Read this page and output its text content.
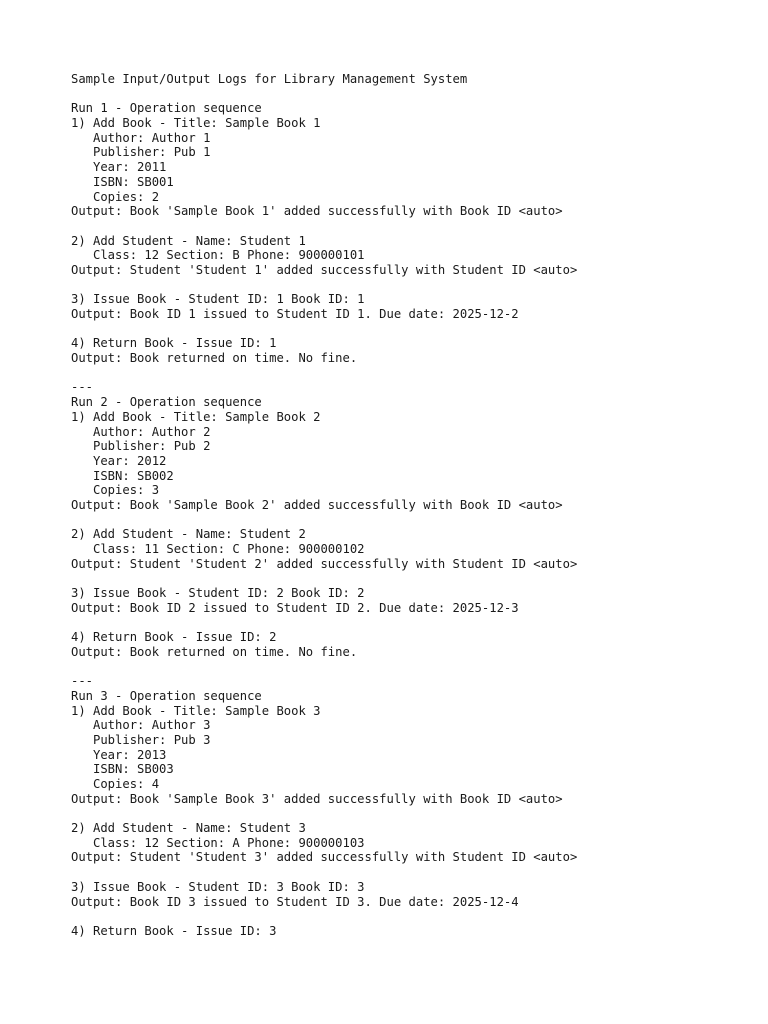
Sample Input/Output Logs for Library Management System
Run 1 - Operation sequence
1) Add Book - Title: Sample Book 1
Author: Author 1
Publisher: Pub 1
Year: 2011
ISBN: SB001
Copies: 2
Output: Book 'Sample Book 1' added successfully with Book ID <auto>
2) Add Student - Name: Student 1
Class: 12 Section: B Phone: 900000101
Output: Student 'Student 1' added successfully with Student ID <auto>
3) Issue Book - Student ID: 1 Book ID: 1
Output: Book ID 1 issued to Student ID 1. Due date: 2025-12-2
4) Return Book - Issue ID: 1
Output: Book returned on time. No fine.
---
Run 2 - Operation sequence
1) Add Book - Title: Sample Book 2
Author: Author 2
Publisher: Pub 2
Year: 2012
ISBN: SB002
Copies: 3
Output: Book 'Sample Book 2' added successfully with Book ID <auto>
2) Add Student - Name: Student 2
Class: 11 Section: C Phone: 900000102
Output: Student 'Student 2' added successfully with Student ID <auto>
3) Issue Book - Student ID: 2 Book ID: 2
Output: Book ID 2 issued to Student ID 2. Due date: 2025-12-3
4) Return Book - Issue ID: 2
Output: Book returned on time. No fine.
---
Run 3 - Operation sequence
1) Add Book - Title: Sample Book 3
Author: Author 3
Publisher: Pub 3
Year: 2013
ISBN: SB003
Copies: 4
Output: Book 'Sample Book 3' added successfully with Book ID <auto>
2) Add Student - Name: Student 3
Class: 12 Section: A Phone: 900000103
Output: Student 'Student 3' added successfully with Student ID <auto>
3) Issue Book - Student ID: 3 Book ID: 3
Output: Book ID 3 issued to Student ID 3. Due date: 2025-12-4
4) Return Book - Issue ID: 3
